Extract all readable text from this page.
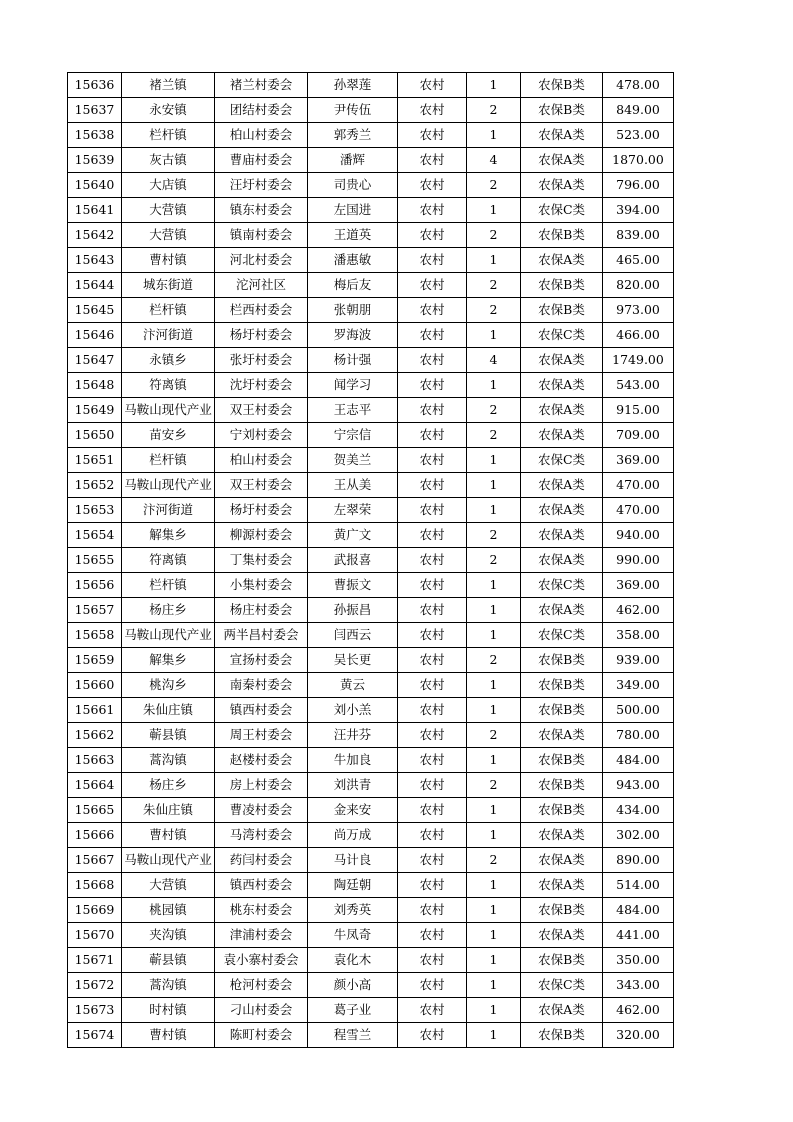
15636	褚兰镇	褚兰村委会	孙翠莲	农村	1	农保B类	478.00
15637	永安镇	团结村委会	尹传伍	农村	2	农保B类	849.00
15638	栏杆镇	柏山村委会	郭秀兰	农村	1	农保A类	523.00
15639	灰古镇	曹庙村委会	潘辉	农村	4	农保A类	1870.00
15640	大店镇	汪圩村委会	司贵心	农村	2	农保A类	796.00
15641	大营镇	镇东村委会	左国进	农村	1	农保C类	394.00
15642	大营镇	镇南村委会	王道英	农村	2	农保B类	839.00
15643	曹村镇	河北村委会	潘惠敏	农村	1	农保A类	465.00
15644	城东街道	沱河社区	梅后友	农村	2	农保B类	820.00
15645	栏杆镇	栏西村委会	张朝朋	农村	2	农保B类	973.00
15646	汴河街道	杨圩村委会	罗海波	农村	1	农保C类	466.00
15647	永镇乡	张圩村委会	杨计强	农村	4	农保A类	1749.00
15648	符离镇	沈圩村委会	闻学习	农村	1	农保A类	543.00
15649	马鞍山现代产业	双王村委会	王志平	农村	2	农保A类	915.00
15650	苗安乡	宁刘村委会	宁宗信	农村	2	农保A类	709.00
15651	栏杆镇	柏山村委会	贺美兰	农村	1	农保C类	369.00
15652	马鞍山现代产业	双王村委会	王从美	农村	1	农保A类	470.00
15653	汴河街道	杨圩村委会	左翠荣	农村	1	农保A类	470.00
15654	解集乡	柳源村委会	黄广文	农村	2	农保A类	940.00
15655	符离镇	丁集村委会	武报喜	农村	2	农保A类	990.00
15656	栏杆镇	小集村委会	曹振文	农村	1	农保C类	369.00
15657	杨庄乡	杨庄村委会	孙振昌	农村	1	农保A类	462.00
15658	马鞍山现代产业	两半昌村委会	闫西云	农村	1	农保C类	358.00
15659	解集乡	宣扬村委会	吴长更	农村	2	农保B类	939.00
15660	桃沟乡	南秦村委会	黄云	农村	1	农保B类	349.00
15661	朱仙庄镇	镇西村委会	刘小羔	农村	1	农保B类	500.00
15662	蕲县镇	周王村委会	汪井芬	农村	2	农保A类	780.00
15663	蒿沟镇	赵楼村委会	牛加良	农村	1	农保B类	484.00
15664	杨庄乡	房上村委会	刘洪青	农村	2	农保B类	943.00
15665	朱仙庄镇	曹凌村委会	金来安	农村	1	农保B类	434.00
15666	曹村镇	马湾村委会	尚万成	农村	1	农保A类	302.00
15667	马鞍山现代产业	药闫村委会	马计良	农村	2	农保A类	890.00
15668	大营镇	镇西村委会	陶廷朝	农村	1	农保A类	514.00
15669	桃园镇	桃东村委会	刘秀英	农村	1	农保B类	484.00
15670	夹沟镇	津浦村委会	牛凤奇	农村	1	农保A类	441.00
15671	蕲县镇	袁小寨村委会	袁化木	农村	1	农保B类	350.00
15672	蒿沟镇	枪河村委会	颜小高	农村	1	农保C类	343.00
15673	时村镇	刁山村委会	葛子业	农村	1	农保A类	462.00
15674	曹村镇	陈町村委会	程雪兰	农村	1	农保B类	320.00
